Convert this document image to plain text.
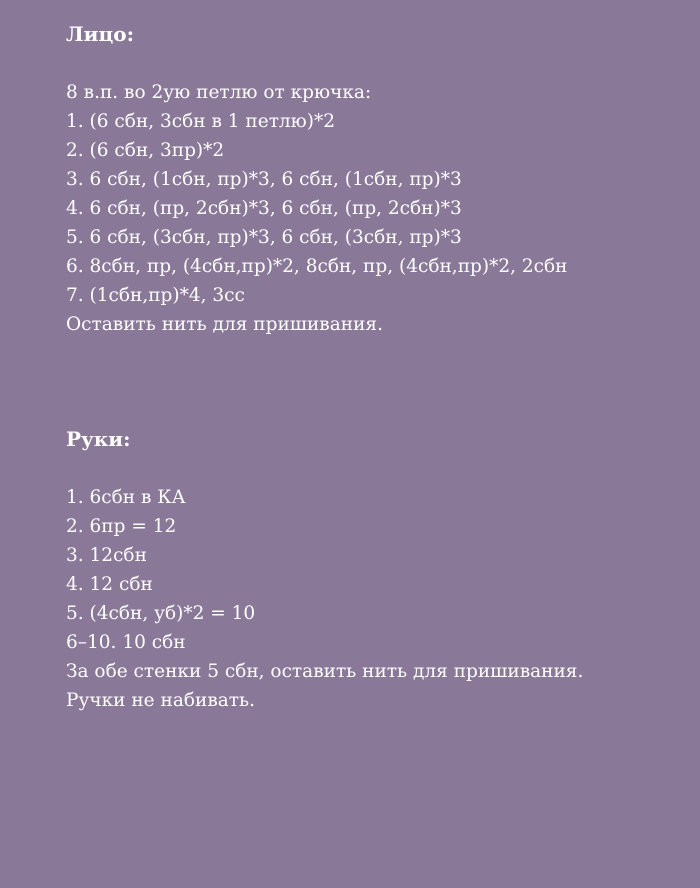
Лицо:
8 в.п. во 2ую петлю от крючка:
1. (6 сбн, 3сбн в 1 петлю)*2
2. (6 сбн, 3пр)*2
3. 6 сбн, (1сбн, пр)*3, 6 сбн, (1сбн, пр)*3
4. 6 сбн, (пр, 2сбн)*3, 6 сбн, (пр, 2сбн)*3
5. 6 сбн, (3сбн, пр)*3, 6 сбн, (3сбн, пр)*3
6. 8сбн, пр, (4сбн,пр)*2, 8сбн, пр, (4сбн,пр)*2, 2сбн
7. (1сбн,пр)*4, 3сс
Оставить нить для пришивания.
Руки:
1. 6сбн в КА
2. 6пр = 12
3. 12сбн
4. 12 сбн
5. (4сбн, уб)*2 = 10
6–10. 10 сбн
За обе стенки 5 сбн, оставить нить для пришивания.
Ручки не набивать.
